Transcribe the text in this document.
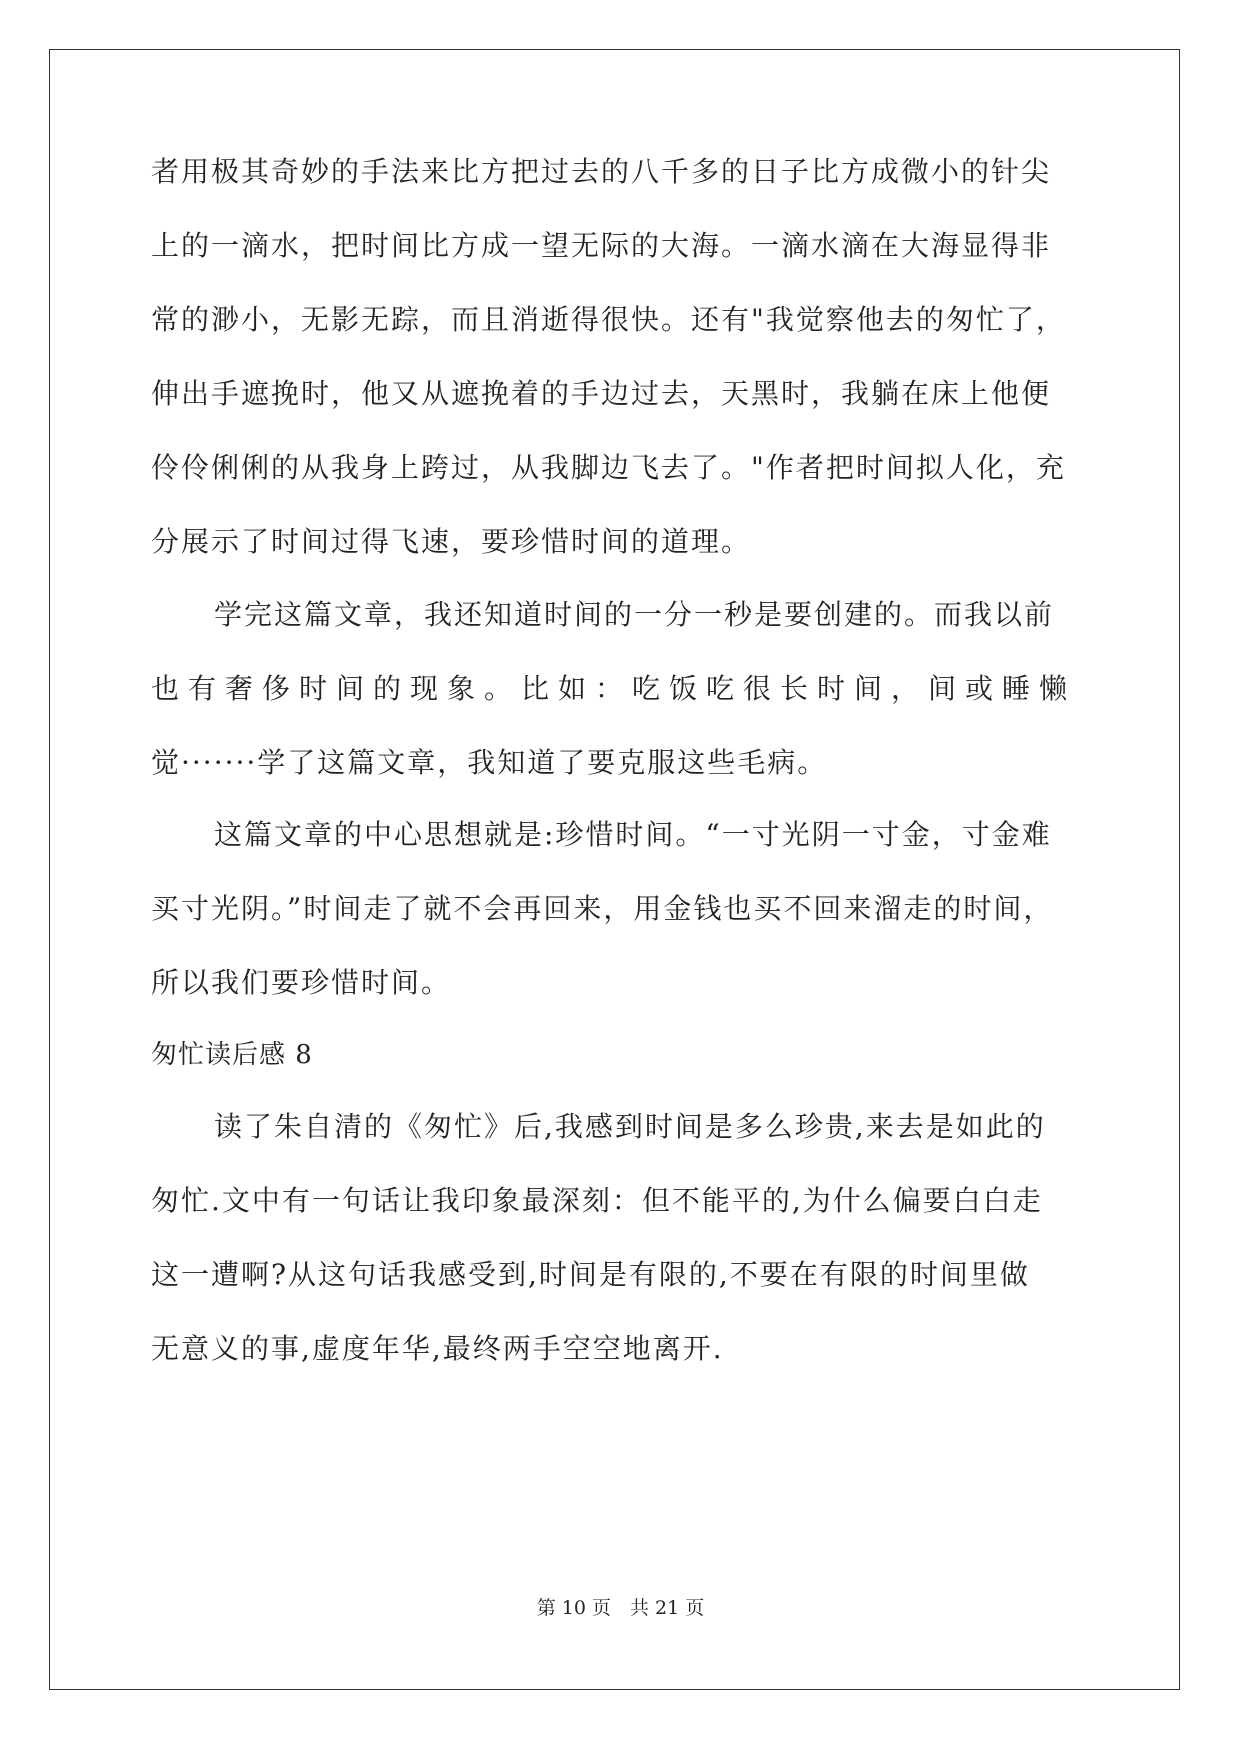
者用极其奇妙的手法来比方把过去的八千多的日子比方成微小的针尖
上的一滴水，把时间比方成一望无际的大海。一滴水滴在大海显得非
常的渺小，无影无踪，而且消逝得很快。还有"我觉察他去的匆忙了，
伸出手遮挽时，他又从遮挽着的手边过去，天黑时，我躺在床上他便
伶伶俐俐的从我身上跨过，从我脚边飞去了。"作者把时间拟人化，充
分展示了时间过得飞速，要珍惜时间的道理。
学完这篇文章，我还知道时间的一分一秒是要创建的。而我以前
也有奢侈时间的现象。比如：吃饭吃很长时间，间或睡懒
觉·······学了这篇文章，我知道了要克服这些毛病。
这篇文章的中心思想就是:珍惜时间。“一寸光阴一寸金，寸金难
买寸光阴。”时间走了就不会再回来，用金钱也买不回来溜走的时间，
所以我们要珍惜时间。
匆忙读后感 8
读了朱自清的《匆忙》后,我感到时间是多么珍贵,来去是如此的
匆忙.文中有一句话让我印象最深刻：但不能平的,为什么偏要白白走
这一遭啊?从这句话我感受到,时间是有限的,不要在有限的时间里做
无意义的事,虚度年华,最终两手空空地离开.
第 10 页　共 21 页
